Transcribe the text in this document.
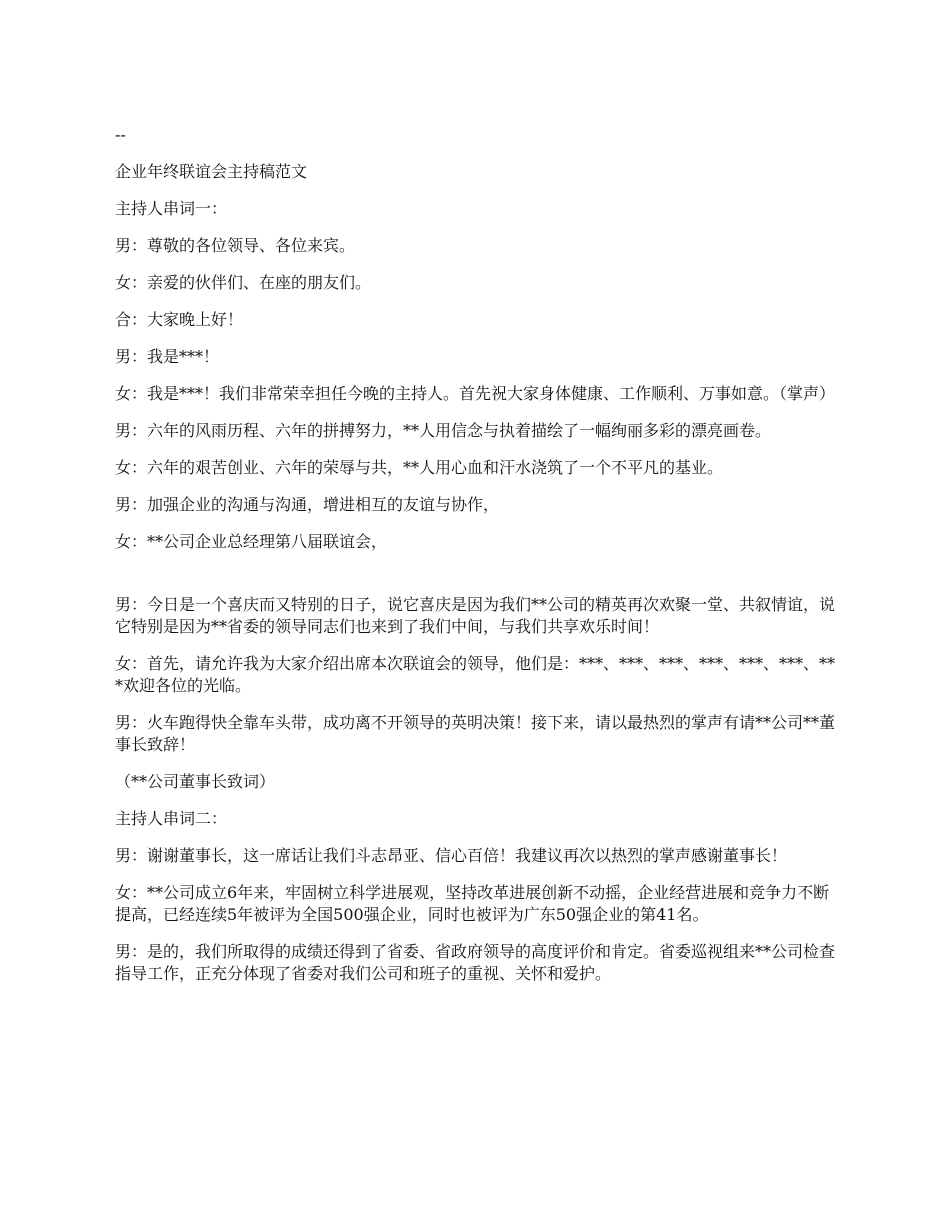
--

企业年终联谊会主持稿范文

主持人串词一：

男：尊敬的各位领导、各位来宾。

女：亲爱的伙伴们、在座的朋友们。

合：大家晚上好！

男：我是***！

女：我是***！我们非常荣幸担任今晚的主持人。首先祝大家身体健康、工作顺利、万事如意。（掌声）

男：六年的风雨历程、六年的拼搏努力，**人用信念与执着描绘了一幅绚丽多彩的漂亮画卷。

女：六年的艰苦创业、六年的荣辱与共，**人用心血和汗水浇筑了一个不平凡的基业。

男：加强企业的沟通与沟通，增进相互的友谊与协作，

女：**公司企业总经理第八届联谊会，

男：今日是一个喜庆而又特别的日子，说它喜庆是因为我们**公司的精英再次欢聚一堂、共叙情谊，说它特别是因为**省委的领导同志们也来到了我们中间，与我们共享欢乐时间！

女：首先，请允许我为大家介绍出席本次联谊会的领导，他们是：***、***、***、***、***、***、***欢迎各位的光临。

男：火车跑得快全靠车头带，成功离不开领导的英明决策！接下来，请以最热烈的掌声有请**公司**董事长致辞！

（**公司董事长致词）

主持人串词二：

男：谢谢董事长，这一席话让我们斗志昂亚、信心百倍！我建议再次以热烈的掌声感谢董事长！

女：**公司成立6年来，牢固树立科学进展观，坚持改革进展创新不动摇，企业经营进展和竞争力不断提高，已经连续5年被评为全国500强企业，同时也被评为广东50强企业的第41名。

男：是的，我们所取得的成绩还得到了省委、省政府领导的高度评价和肯定。省委巡视组来**公司检查指导工作，正充分体现了省委对我们公司和班子的重视、关怀和爱护。
